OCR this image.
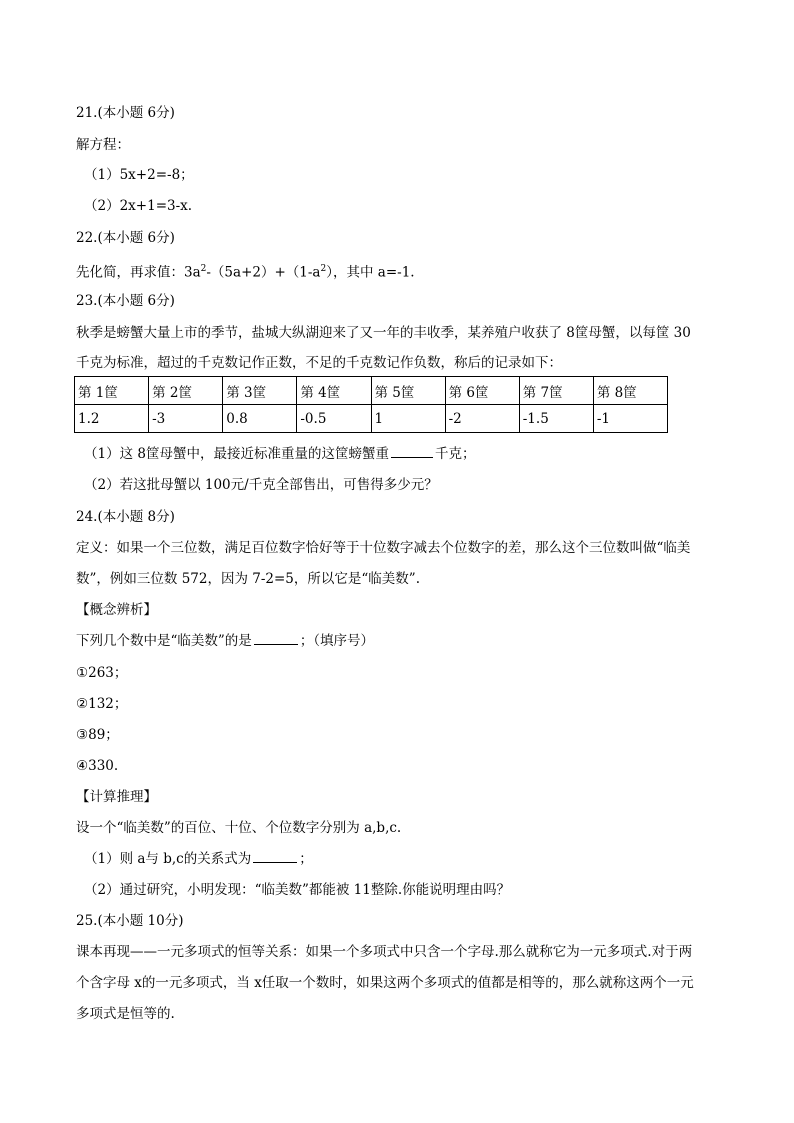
21.(本小题 6分)
解方程：
（1）5x+2=-8；
（2）2x+1=3-x.
22.(本小题 6分)
先化简，再求值：$3a^2-(5a+2)+(1-a^2)$，其中 a=-1.
23.(本小题 6分)
秋季是螃蟹大量上市的季节，盐城大纵湖迎来了又一年的丰收季，某养殖户收获了 8筐母蟹，以每筐 30
千克为标准，超过的千克数记作正数，不足的千克数记作负数，称后的记录如下：
第 1筐	第 2筐	第 3筐	第 4筐	第 5筐	第 6筐	第 7筐	第 8筐
1.2	-3	0.8	-0.5	1	-2	-1.5	-1
（1）这 8筐母蟹中，最接近标准重量的这筐螃蟹重	千克；
（2）若这批母蟹以 100元/千克全部售出，可售得多少元？
24.(本小题 8分)
定义：如果一个三位数，满足百位数字恰好等于十位数字减去个位数字的差，那么这个三位数叫做“临美
数”，例如三位数 572，因为 7-2=5，所以它是“临美数”.
【概念辨析】
下列几个数中是“临美数”的是	；（填序号）
①263；
②132；
③89；
④330.
【计算推理】
设一个“临美数”的百位、十位、个位数字分别为 a,b,c.
（1）则 a与 b,c的关系式为	；
（2）通过研究，小明发现：“临美数”都能被 11整除.你能说明理由吗？
25.(本小题 10分)
课本再现——一元多项式的恒等关系：如果一个多项式中只含一个字母.那么就称它为一元多项式.对于两
个含字母 x的一元多项式，当 x任取一个数时，如果这两个多项式的值都是相等的，那么就称这两个一元
多项式是恒等的.
